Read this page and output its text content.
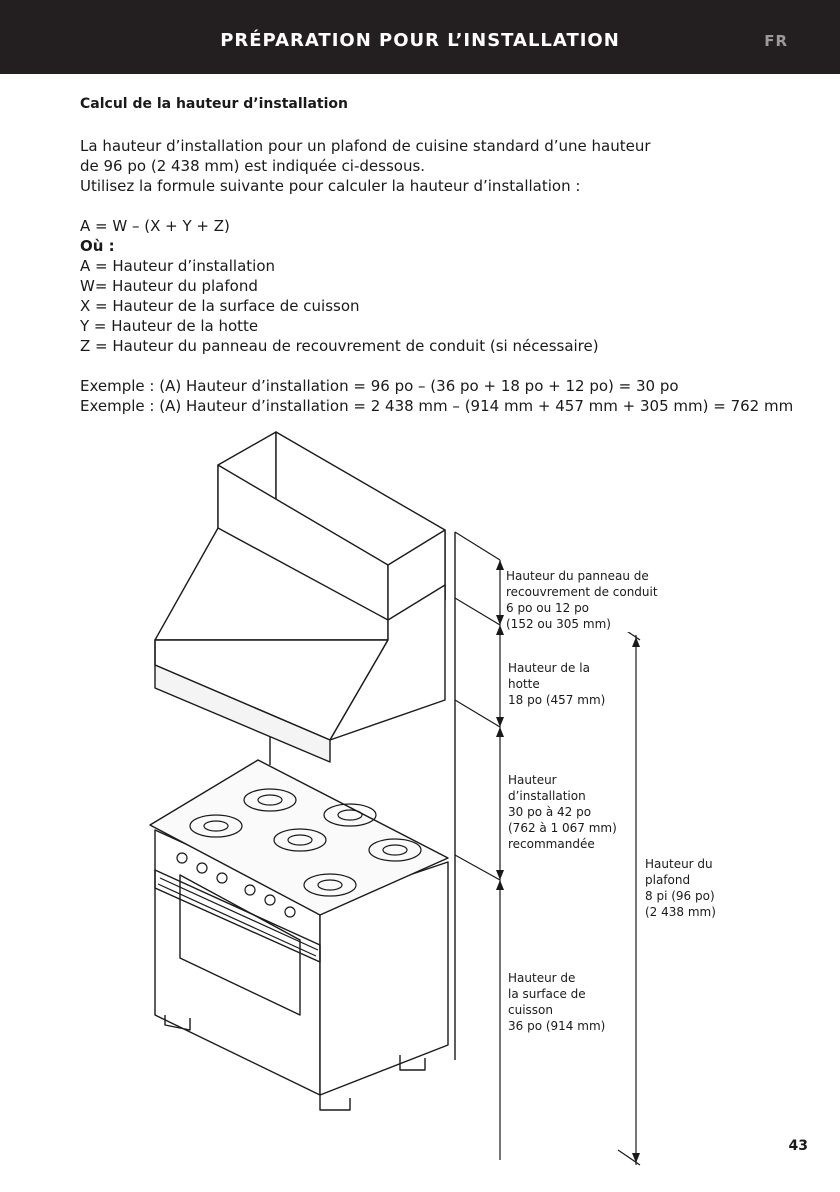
PRÉPARATION POUR L’INSTALLATION	FR

Calcul de la hauteur d’installation

La hauteur d’installation pour un plafond de cuisine standard d’une hauteur

de 96 po (2 438 mm) est indiquée ci-dessous.

Utilisez la formule suivante pour calculer la hauteur d’installation :

A = W – (X + Y + Z)

Où :

A = Hauteur d’installation

W= Hauteur du plafond

X = Hauteur de la surface de cuisson

Y = Hauteur de la hotte

Z = Hauteur du panneau de recouvrement de conduit (si nécessaire)

Exemple : (A) Hauteur d’installation = 96 po – (36 po + 18 po + 12 po) = 30 po

Exemple : (A) Hauteur d’installation = 2 438 mm – (914 mm + 457 mm + 305 mm) = 762 mm

Hauteur du panneau de
recouvrement de conduit
6 po ou 12 po
(152 ou 305 mm)
Hauteur de la
hotte
18 po (457 mm)
Hauteur
d’installation
30 po à 42 po
(762 à 1 067 mm)
recommandée
Hauteur du
plafond
8 pi (96 po)
(2 438 mm)
Hauteur de
la surface de
cuisson
36 po (914 mm)
43
